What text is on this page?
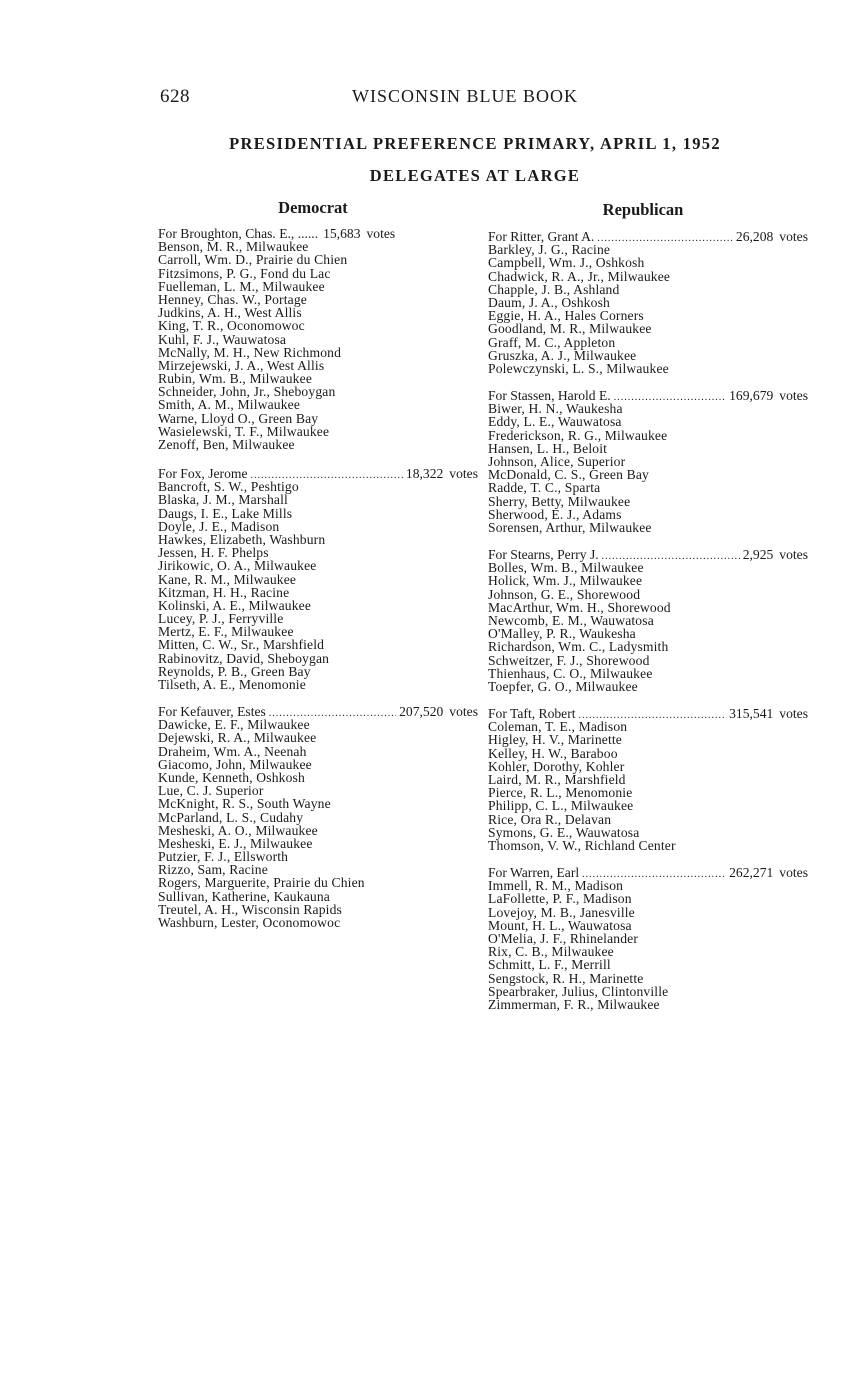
628	WISCONSIN BLUE BOOK
PRESIDENTIAL PREFERENCE PRIMARY, APRIL 1, 1952
DELEGATES AT LARGE
Democrat
For Broughton, Chas. E., ...... 15,683 votes
Benson, M. R., Milwaukee
Carroll, Wm. D., Prairie du Chien
Fitzsimons, P. G., Fond du Lac
Fuelleman, L. M., Milwaukee
Henney, Chas. W., Portage
Judkins, A. H., West Allis
King, T. R., Oconomowoc
Kuhl, F. J., Wauwatosa
McNally, M. H., New Richmond
Mirzejewski, J. A., West Allis
Rubin, Wm. B., Milwaukee
Schneider, John, Jr., Sheboygan
Smith, A. M., Milwaukee
Warne, Lloyd O., Green Bay
Wasielewski, T. F., Milwaukee
Zenoff, Ben, Milwaukee
For Fox, Jerome .....	18,322 votes
Bancroft, S. W., Peshtigo
Blaska, J. M., Marshall
Daugs, I. E., Lake Mills
Doyle, J. E., Madison
Hawkes, Elizabeth, Washburn
Jessen, H. F. Phelps
Jirikowic, O. A., Milwaukee
Kane, R. M., Milwaukee
Kitzman, H. H., Racine
Kolinski, A. E., Milwaukee
Lucey, P. J., Ferryville
Mertz, E. F., Milwaukee
Mitten, C. W., Sr., Marshfield
Rabinovitz, David, Sheboygan
Reynolds, P. B., Green Bay
Tilseth, A. E., Menomonie
For Kefauver, Estes .....	207,520 votes
Dawicke, E. F., Milwaukee
Dejewski, R. A., Milwaukee
Draheim, Wm. A., Neenah
Giacomo, John, Milwaukee
Kunde, Kenneth, Oshkosh
Lue, C. J. Superior
McKnight, R. S., South Wayne
McParland, L. S., Cudahy
Mesheski, A. O., Milwaukee
Mesheski, E. J., Milwaukee
Putzier, F. J., Ellsworth
Rizzo, Sam, Racine
Rogers, Marguerite, Prairie du Chien
Sullivan, Katherine, Kaukauna
Treutel, A. H., Wisconsin Rapids
Washburn, Lester, Oconomowoc
Republican
For Ritter, Grant A. .....	26,208 votes
Barkley, J. G., Racine
Campbell, Wm. J., Oshkosh
Chadwick, R. A., Jr., Milwaukee
Chapple, J. B., Ashland
Daum, J. A., Oshkosh
Eggie, H. A., Hales Corners
Goodland, M. R., Milwaukee
Graff, M. C., Appleton
Gruszka, A. J., Milwaukee
Polewczynski, L. S., Milwaukee
For Stassen, Harold E. .....	169,679 votes
Biwer, H. N., Waukesha
Eddy, L. E., Wauwatosa
Frederickson, R. G., Milwaukee
Hansen, L. H., Beloit
Johnson, Alice, Superior
McDonald, C. S., Green Bay
Radde, T. C., Sparta
Sherry, Betty, Milwaukee
Sherwood, E. J., Adams
Sorensen, Arthur, Milwaukee
For Stearns, Perry J. .....	2,925 votes
Bolles, Wm. B., Milwaukee
Holick, Wm. J., Milwaukee
Johnson, G. E., Shorewood
MacArthur, Wm. H., Shorewood
Newcomb, E. M., Wauwatosa
O'Malley, P. R., Waukesha
Richardson, Wm. C., Ladysmith
Schweitzer, F. J., Shorewood
Thienhaus, C. O., Milwaukee
Toepfer, G. O., Milwaukee
For Taft, Robert .....	315,541 votes
Coleman, T. E., Madison
Higley, H. V., Marinette
Kelley, H. W., Baraboo
Kohler, Dorothy, Kohler
Laird, M. R., Marshfield
Pierce, R. L., Menomonie
Philipp, C. L., Milwaukee
Rice, Ora R., Delavan
Symons, G. E., Wauwatosa
Thomson, V. W., Richland Center
For Warren, Earl .....	262,271 votes
Immell, R. M., Madison
LaFollette, P. F., Madison
Lovejoy, M. B., Janesville
Mount, H. L., Wauwatosa
O'Melia, J. F., Rhinelander
Rix, C. B., Milwaukee
Schmitt, L. F., Merrill
Sengstock, R. H., Marinette
Spearbraker, Julius, Clintonville
Zimmerman, F. R., Milwaukee
